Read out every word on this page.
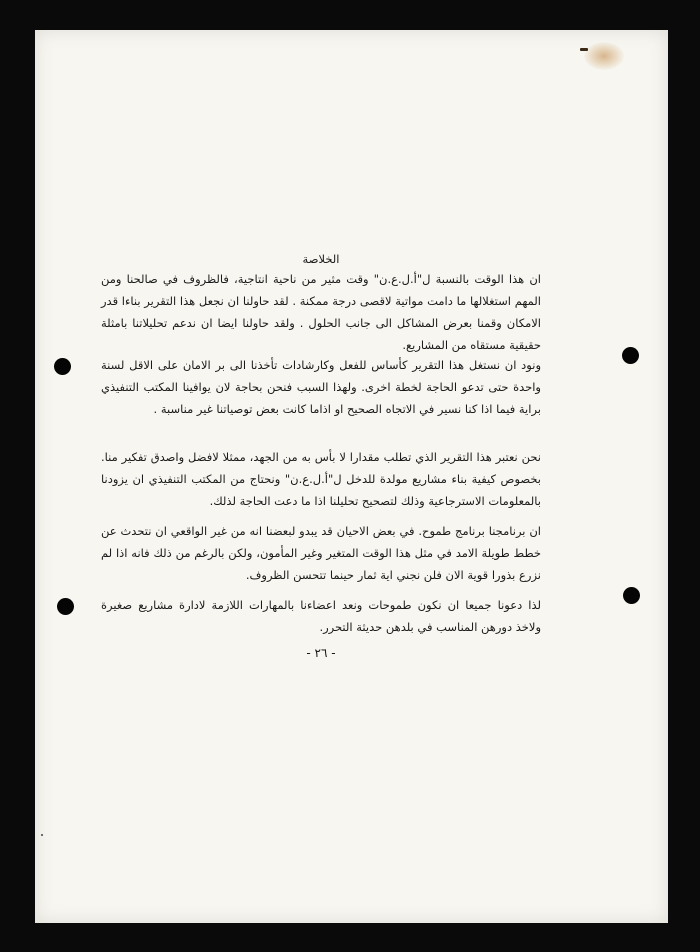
الخلاصة
ان هذا الوقت بالنسبة ل"أ.ل.ع.ن" وقت مثير من ناحية انتاجية، فالظروف في صالحنا ومن المهم استغلالها ما دامت مواتية لاقصى درجة ممكنة . لقد حاولنا ان نجعل هذا التقرير بناءا قدر الامكان وقمنا بعرض المشاكل الى جانب الحلول . ولقد حاولنا ايضا ان ندعم تحليلاتنا بامثلة حقيقية مستقاه من المشاريع.
ونود ان نستغل هذا التقرير كأساس للفعل وكارشادات تأخذنا الى بر الامان على الاقل لسنة واحدة حتى تدعو الحاجة لخطة اخرى. ولهذا السبب فنحن بحاجة لان يوافينا المكتب التنفيذي براية فيما اذا كنا نسير في الاتجاه الصحيح او اذاما كانت بعض توصياتنا غير مناسبة .
نحن نعتبر هذا التقرير الذي تطلب مقدارا لا بأس به من الجهد، ممثلا لافضل واصدق تفكير منا. بخصوص كيفية بناء مشاريع مولدة للدخل ل"أ.ل.ع.ن" ونحتاج من المكتب التنفيذي ان يزودنا بالمعلومات الاسترجاعية وذلك لتصحيح تحليلنا اذا ما دعت الحاجة لذلك.
ان برنامجنا برنامج طموح. في بعض الاحيان قد يبدو لبعضنا انه من غير الواقعي ان نتحدث عن خطط طويلة الامد في مثل هذا الوقت المتغير وغير المأمون، ولكن بالرغم من ذلك فانه اذا لم نزرع بذورا قوية الان فلن نجني اية ثمار حينما تتحسن الظروف.
لذا دعونا جميعا ان نكون طموحات ونعد اعضاءنا بالمهارات اللازمة لادارة مشاريع صغيرة ولاخذ دورهن المناسب في بلدهن حديثة التحرر.
- ٢٦ -
